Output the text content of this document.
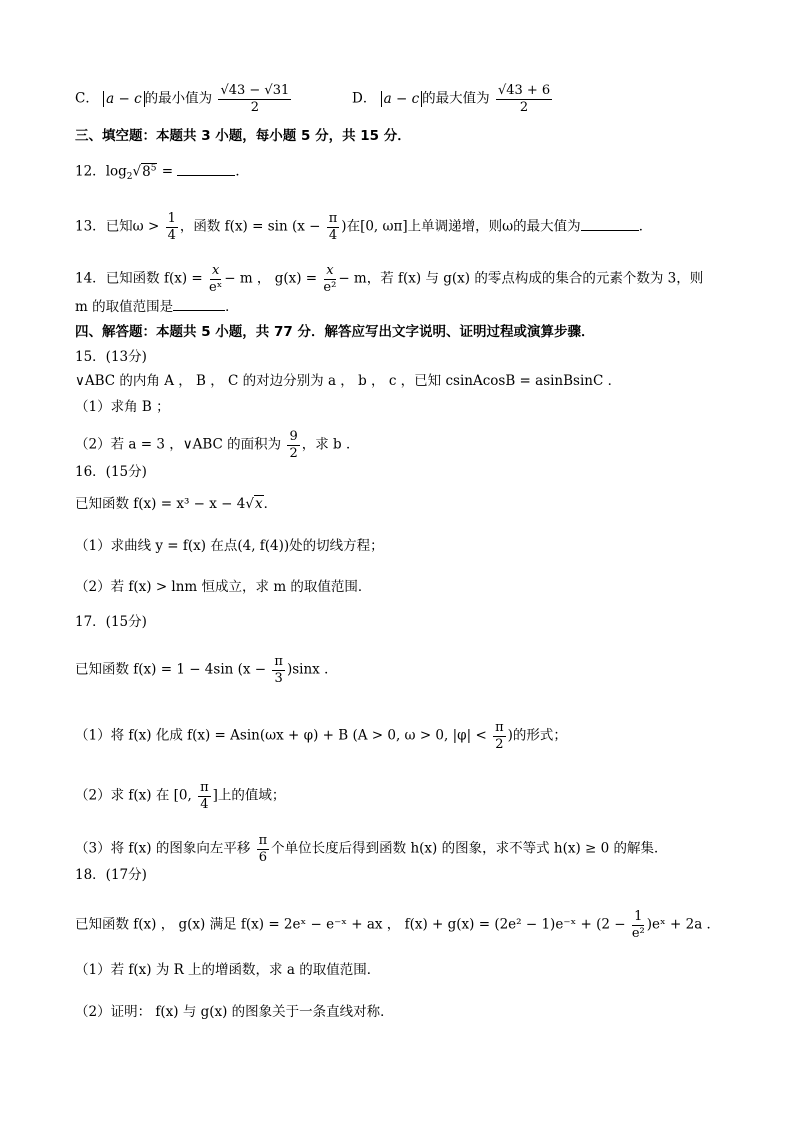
C． a − c 的最小值为 $\frac{√43 - √31}{2}$	D． a − c 的最大值为 $\frac{√43 + 6}{2}$
三、填空题：本题共 3 小题，每小题 5 分，共 15 分．
12．$\log_2√8^5$ =	．
13．已知$\omega > \frac{1}{4}$ ，函数 $f(x) = \sin (x - \frac{\pi}{4}$ )在[0, ωπ]上单调递增，则ω的最大值为	．
14．已知函数 $f(x) = \frac{x}{\text{eˣ}} - m$ ， $g(x) = \frac{x}{\text{e²}} - m$，若 f(x) 与 g(x) 的零点构成的集合的元素个数为 3，则
m 的取值范围是	．
四、解答题：本题共 5 小题，共 77 分．解答应写出文字说明、证明过程或演算步骤．
15．(13分)
∨ABC 的内角 A ， B ， C 的对边分别为 a ， b ， c ，已知 csinAcosB = asinBsinC ．
（1）求角 B ；
（2）若 a = 3 ，∨ABC 的面积为 $\frac{9}{2}$ ，求 b ．
16．(15分)
已知函数 f(x) = x³ − x − 4√x．
（1）求曲线 y = f(x) 在点(4, f(4))处的切线方程；
（2）若 f(x) > lnm 恒成立，求 m 的取值范围．
17．(15分)
已知函数 f(x) = 1 − 4sin $(x - \frac{\pi}{3} )\sin x$ ．
（1）将 f(x) 化成 f(x) = Asin(ωx + φ) + B (A > 0, ω > 0, $|\varphi| < \frac{\pi}{2}$ )的形式；
（2）求 f(x) 在 [0, $\frac{\pi}{4}$ ]上的值域；
（3）将 f(x) 的图象向左平移 $\frac{\pi}{6}$ 个单位长度后得到函数 h(x) 的图象，求不等式 h(x) ≥ 0 的解集．
18．(17分)
已知函数 f(x) ， g(x) 满足 f(x) = 2eˣ − e⁻ˣ + ax ， f(x) + g(x) = (2e² − 1)e⁻ˣ + ($2 - \frac{1}{\text{e²}}$ )eˣ + 2a ．
（1）若 f(x) 为 R 上的增函数，求 a 的取值范围．
（2）证明： f(x) 与 g(x) 的图象关于一条直线对称．
